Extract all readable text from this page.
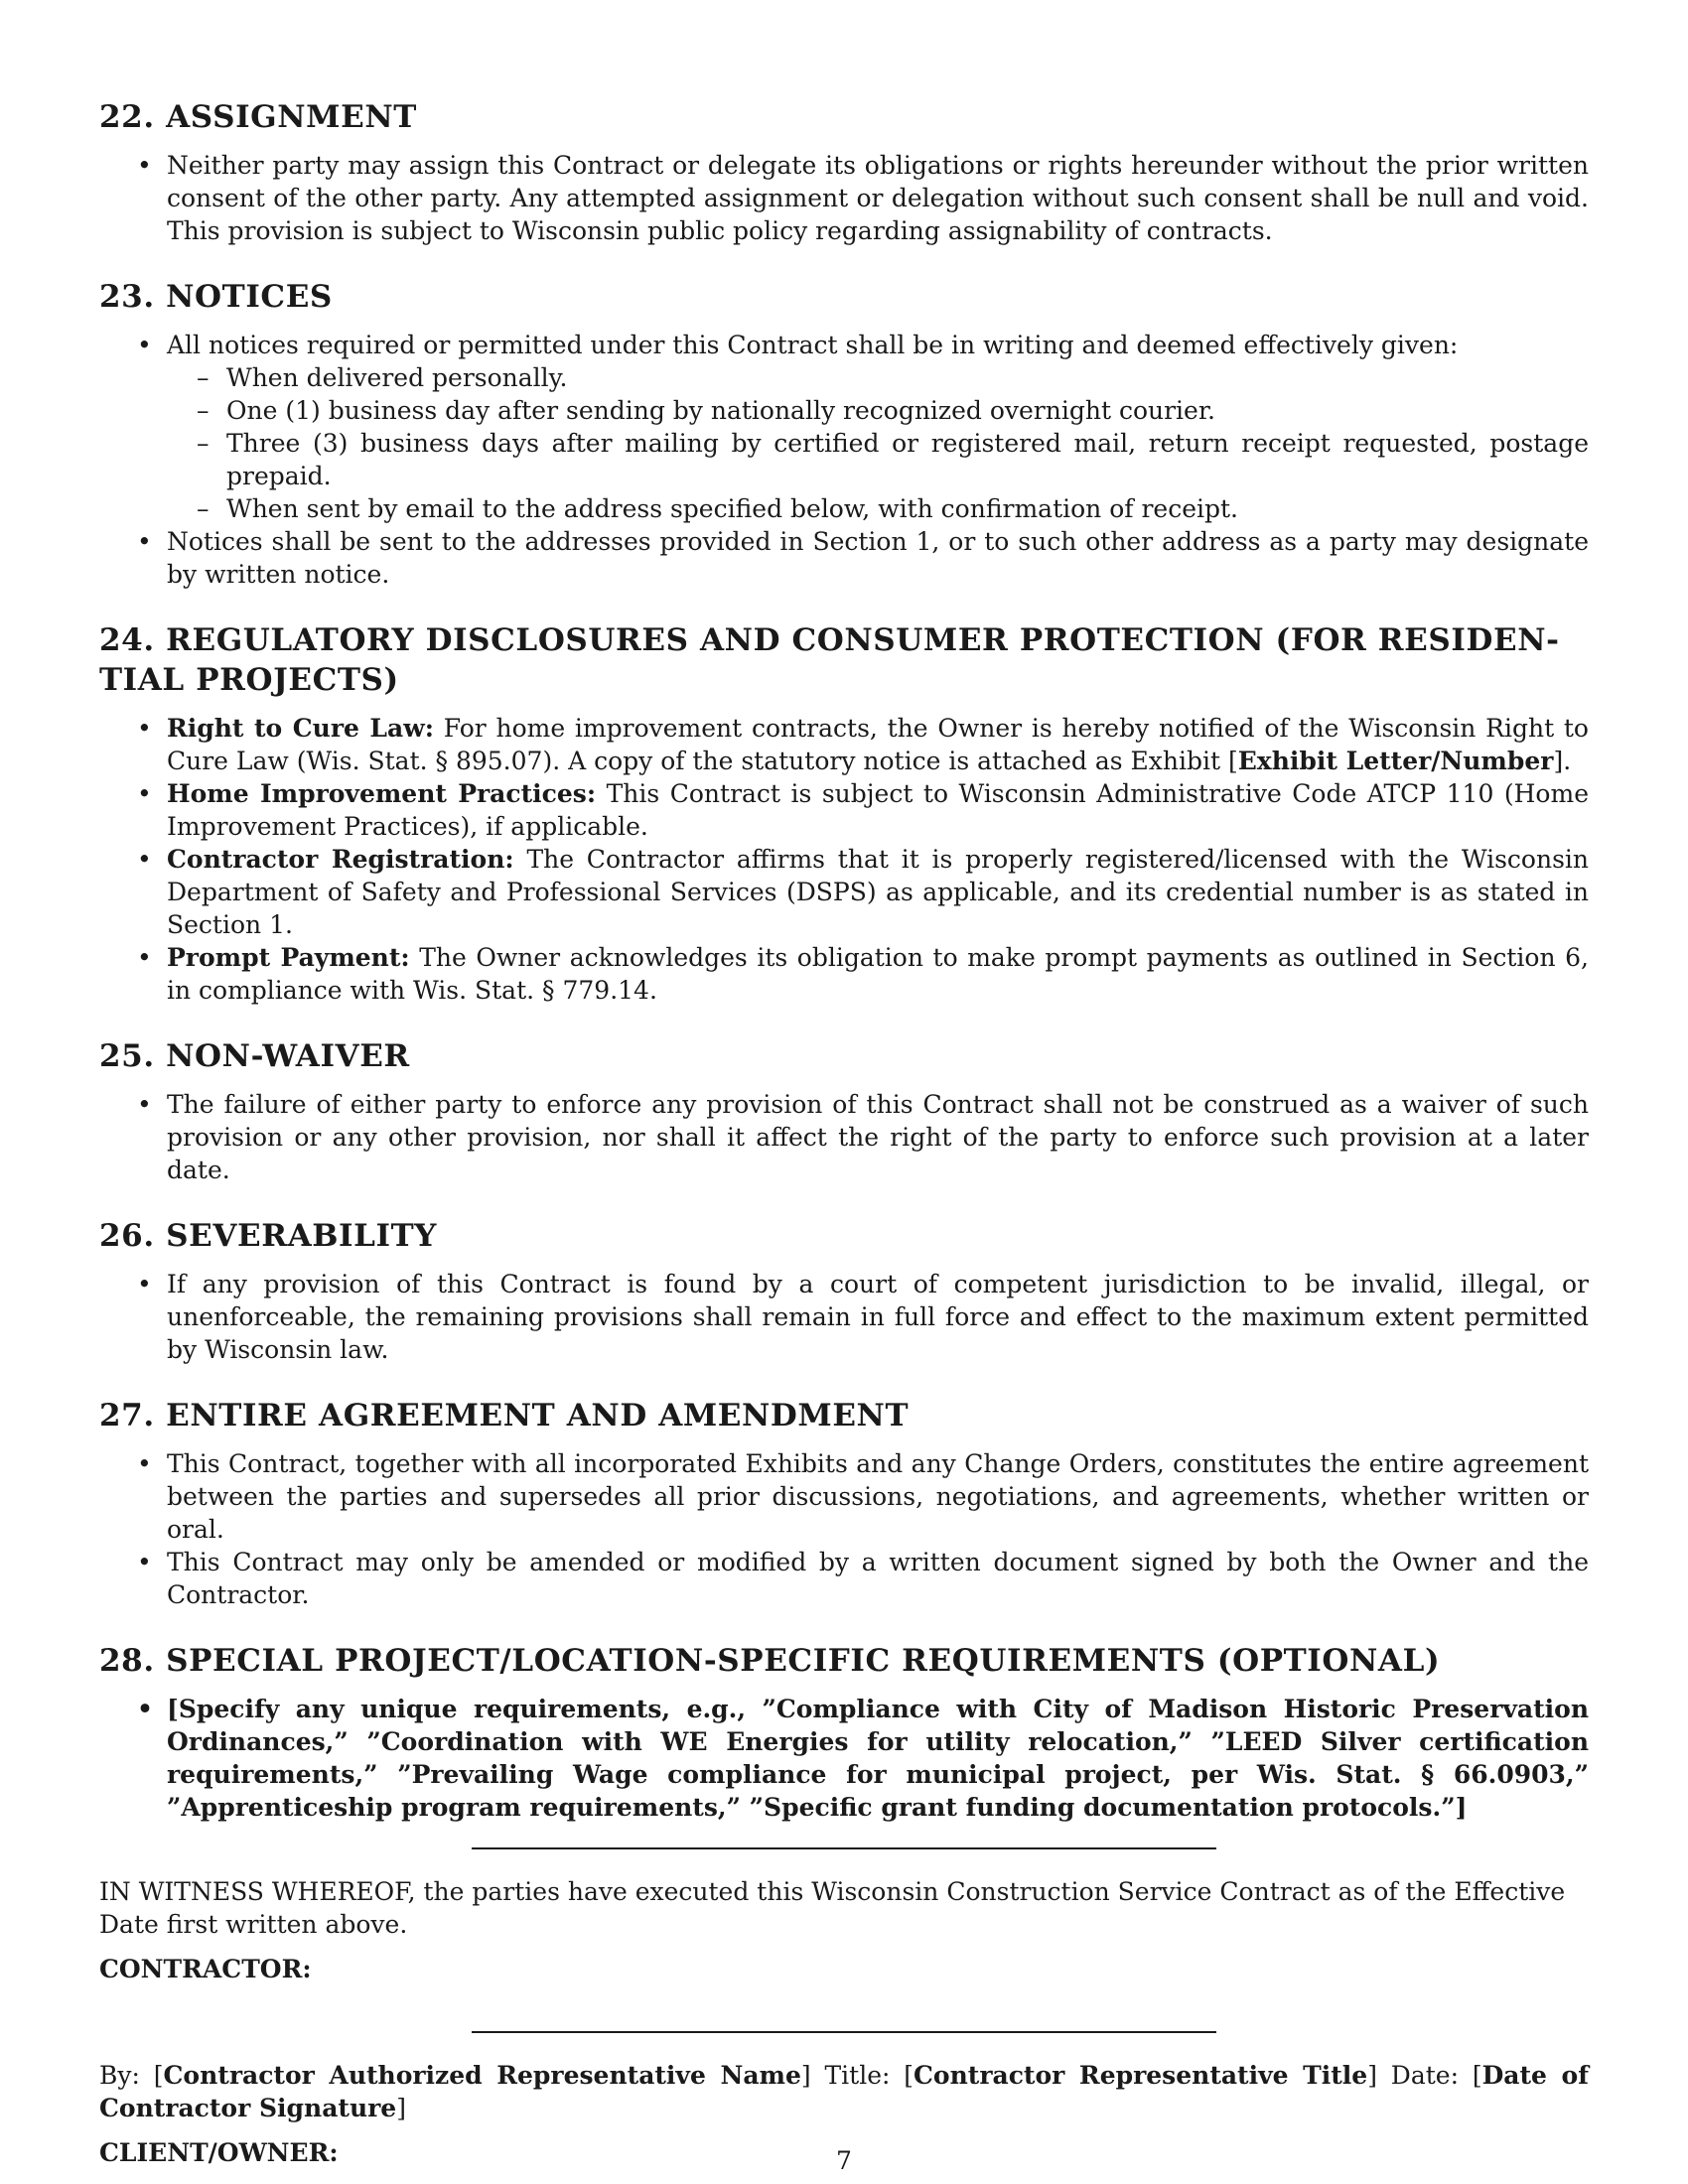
22. ASSIGNMENT
• Neither party may assign this Contract or delegate its obligations or rights hereunder without the prior written consent of the other party. Any attempted assignment or delegation without such consent shall be null and void. This provision is subject to Wisconsin public policy regarding assignability of contracts.
23. NOTICES
• All notices required or permitted under this Contract shall be in writing and deemed effectively given:
– When delivered personally.
– One (1) business day after sending by nationally recognized overnight courier.
– Three (3) business days after mailing by certified or registered mail, return receipt requested, postage prepaid.
– When sent by email to the address specified below, with confirmation of receipt.
• Notices shall be sent to the addresses provided in Section 1, or to such other address as a party may designate by written notice.
24. REGULATORY DISCLOSURES AND CONSUMER PROTECTION (FOR RESIDEN-TIAL PROJECTS)
• Right to Cure Law: For home improvement contracts, the Owner is hereby notified of the Wisconsin Right to Cure Law (Wis. Stat. § 895.07). A copy of the statutory notice is attached as Exhibit [Exhibit Letter/Number].
• Home Improvement Practices: This Contract is subject to Wisconsin Administrative Code ATCP 110 (Home Improvement Practices), if applicable.
• Contractor Registration: The Contractor affirms that it is properly registered/licensed with the Wisconsin Department of Safety and Professional Services (DSPS) as applicable, and its credential number is as stated in Section 1.
• Prompt Payment: The Owner acknowledges its obligation to make prompt payments as outlined in Section 6, in compliance with Wis. Stat. § 779.14.
25. NON-WAIVER
• The failure of either party to enforce any provision of this Contract shall not be construed as a waiver of such provision or any other provision, nor shall it affect the right of the party to enforce such provision at a later date.
26. SEVERABILITY
• If any provision of this Contract is found by a court of competent jurisdiction to be invalid, illegal, or unenforceable, the remaining provisions shall remain in full force and effect to the maximum extent permitted by Wisconsin law.
27. ENTIRE AGREEMENT AND AMENDMENT
• This Contract, together with all incorporated Exhibits and any Change Orders, constitutes the entire agreement between the parties and supersedes all prior discussions, negotiations, and agreements, whether written or oral.
• This Contract may only be amended or modified by a written document signed by both the Owner and the Contractor.
28. SPECIAL PROJECT/LOCATION-SPECIFIC REQUIREMENTS (OPTIONAL)
• [Specify any unique requirements, e.g., ”Compliance with City of Madison Historic Preservation Ordinances,” ”Coordination with WE Energies for utility relocation,” ”LEED Silver certification requirements,” ”Prevailing Wage compliance for municipal project, per Wis. Stat. § 66.0903,” ”Apprenticeship program requirements,” ”Specific grant funding documentation protocols.”]

IN WITNESS WHEREOF, the parties have executed this Wisconsin Construction Service Contract as of the Effective Date first written above.

CONTRACTOR:

By: [Contractor Authorized Representative Name] Title: [Contractor Representative Title] Date: [Date of Contractor Signature]

CLIENT/OWNER:	7
